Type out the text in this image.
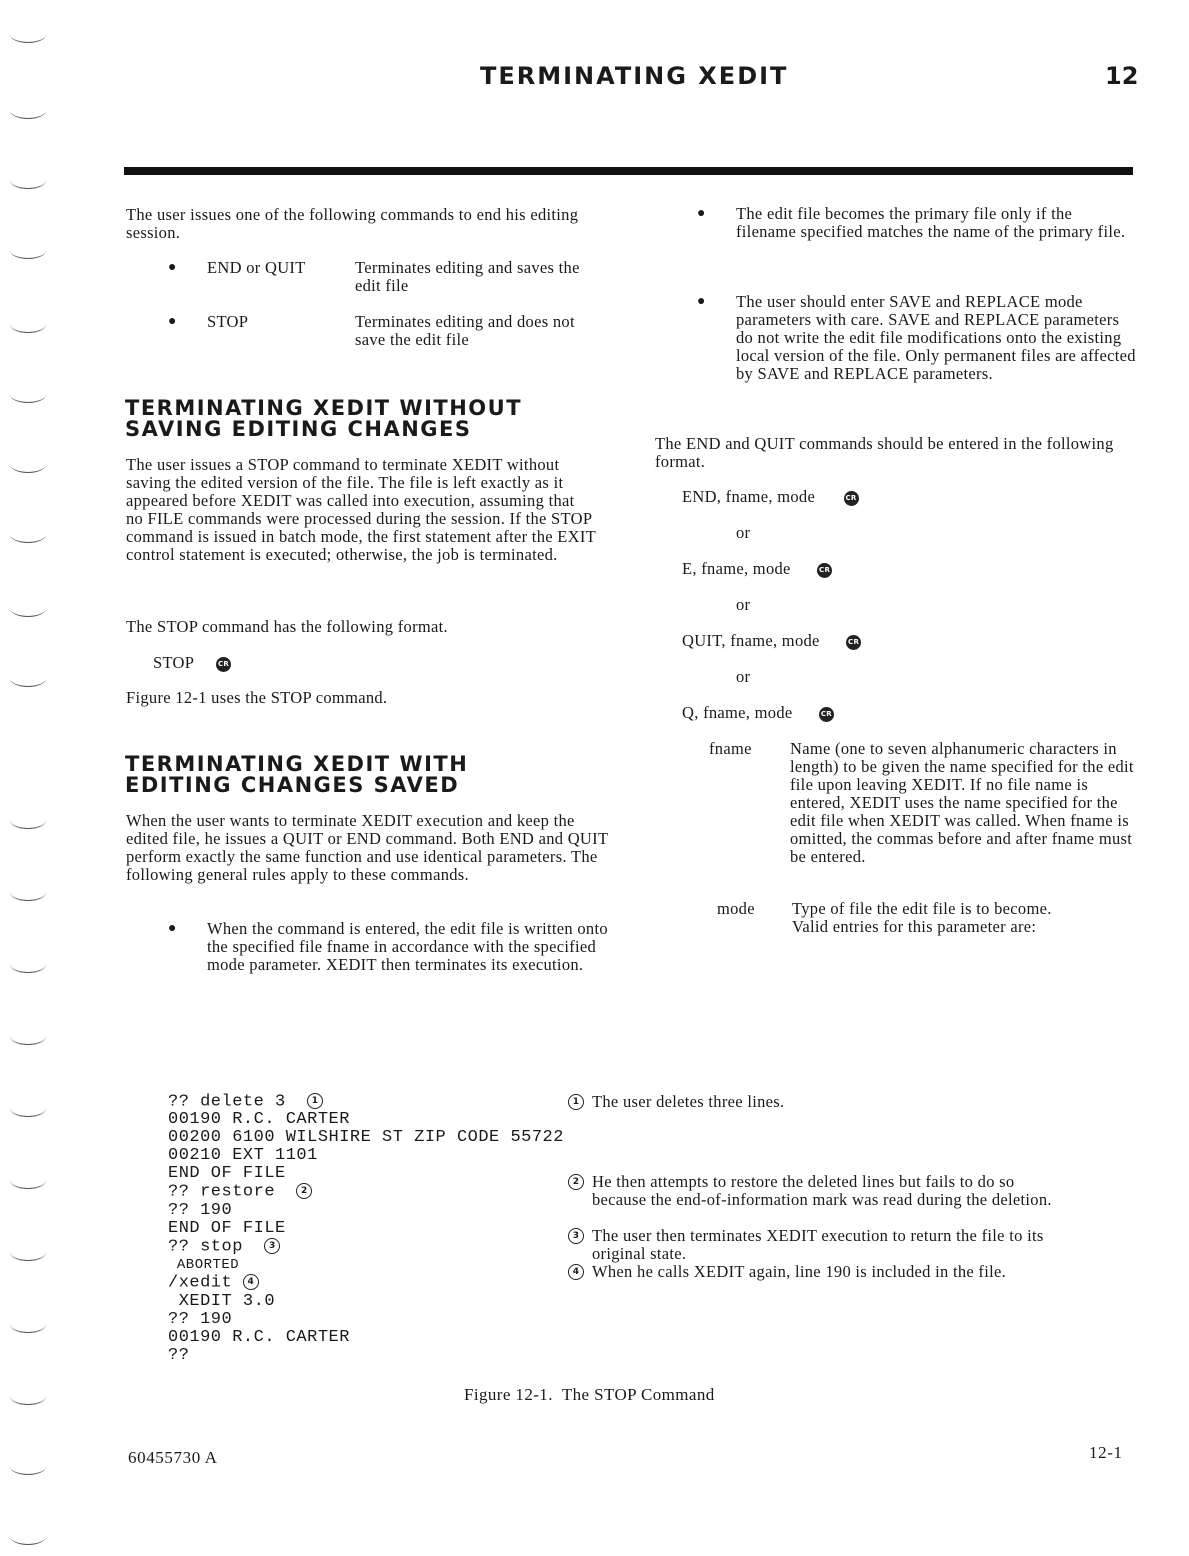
TERMINATING XEDIT	12
The user issues one of the following commands to end his editing session.
● END or QUIT	Terminates editing and saves the edit file
● STOP	Terminates editing and does not save the edit file
TERMINATING XEDIT WITHOUT SAVING EDITING CHANGES
The user issues a STOP command to terminate XEDIT without saving the edited version of the file. The file is left exactly as it appeared before XEDIT was called into execution, assuming that no FILE commands were processed during the session. If the STOP command is issued in batch mode, the first statement after the EXIT control statement is executed; otherwise, the job is terminated.
The STOP command has the following format.
STOP	CR
Figure 12-1 uses the STOP command.
TERMINATING XEDIT WITH EDITING CHANGES SAVED
When the user wants to terminate XEDIT execution and keep the edited file, he issues a QUIT or END command. Both END and QUIT perform exactly the same function and use identical parameters. The following general rules apply to these commands.
● When the command is entered, the edit file is written onto the specified file fname in accordance with the specified mode parameter. XEDIT then terminates its execution.
● The edit file becomes the primary file only if the filename specified matches the name of the primary file.
● The user should enter SAVE and REPLACE mode parameters with care. SAVE and REPLACE parameters do not write the edit file modifications onto the existing local version of the file. Only permanent files are affected by SAVE and REPLACE parameters.
The END and QUIT commands should be entered in the following format.
END, fname, mode	CR
or
E, fname, mode	CR
or
QUIT, fname, mode	CR
or
Q, fname, mode	CR
fname Name (one to seven alphanumeric characters in length) to be given the name specified for the edit file upon leaving XEDIT. If no file name is entered, XEDIT uses the name specified for the edit file when XEDIT was called. When fname is omitted, the commas before and after fname must be entered.
mode Type of file the edit file is to become. Valid entries for this parameter are:
?? delete 3	1
00190 R.C. CARTER
00200 6100 WILSHIRE ST ZIP CODE 55722
00210 EXT 1101
END OF FILE
?? restore	2
?? 190
END OF FILE
?? stop	3
ABORTED
/xedit 4
XEDIT 3.0
?? 190
00190 R.C. CARTER
??
1 The user deletes three lines.
2 He then attempts to restore the deleted lines but fails to do so because the end-of-information mark was read during the deletion.
3 The user then terminates XEDIT execution to return the file to its original state.
4 When he calls XEDIT again, line 190 is included in the file.
Figure 12-1.  The STOP Command
60455730 A	12-1
